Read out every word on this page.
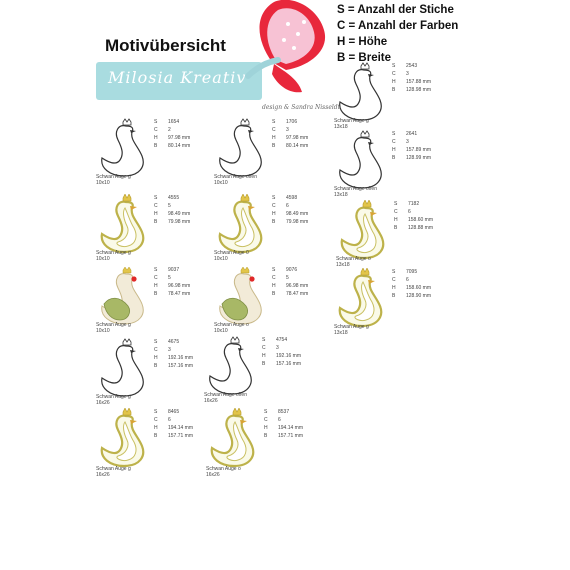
Motivübersicht
S = Anzahl der Stiche
C = Anzahl der Farben
H = Höhe
B = Breite
Milosia Kreativ
design & Sandra Nisseldt
S 1654
C 2
H 97.98 mm
B 80.14 mm
Schwan Auge g
10x10
S 1706
C 3
H 97.98 mm
B 80.14 mm
Schwan Auge offen
10x10
S 4555
C 5
H 98.49 mm
B 79.98 mm
Schwan Auge g
10x10
S 4598
C 6
H 98.49 mm
B 79.98 mm
Schwan Auge 0
10x10
S 9037
C 5
H 96.98 mm
B 78.47 mm
Schwan Auge g
10x10
S 9076
C 5
H 96.98 mm
B 78.47 mm
Schwan Auge o
10x10
S 4675
C 3
H 192.16 mm
B 157.16 mm
Schwan Auge g
16x26
S 4754
C 3
H 192.16 mm
B 157.16 mm
Schwan Auge offen
16x26
S 8465
C 6
H 194.14 mm
B 157.71 mm
Schwan Auge g
16x26
S 8537
C 6
H 194.14 mm
B 157.71 mm
Schwan Auge o
16x26
S 2543
C 3
H 157.88 mm
B 128.98 mm
Schwan Auge g
13x18
S 2641
C 3
H 157.89 mm
B 128.99 mm
Schwan Auge offen
13x18
S 7182
C 6
H 158.60 mm
B 128.88 mm
Schwan Auge o
13x18
S 7095
C 6
H 158.60 mm
B 128.90 mm
Schwan Auge g
13x18
